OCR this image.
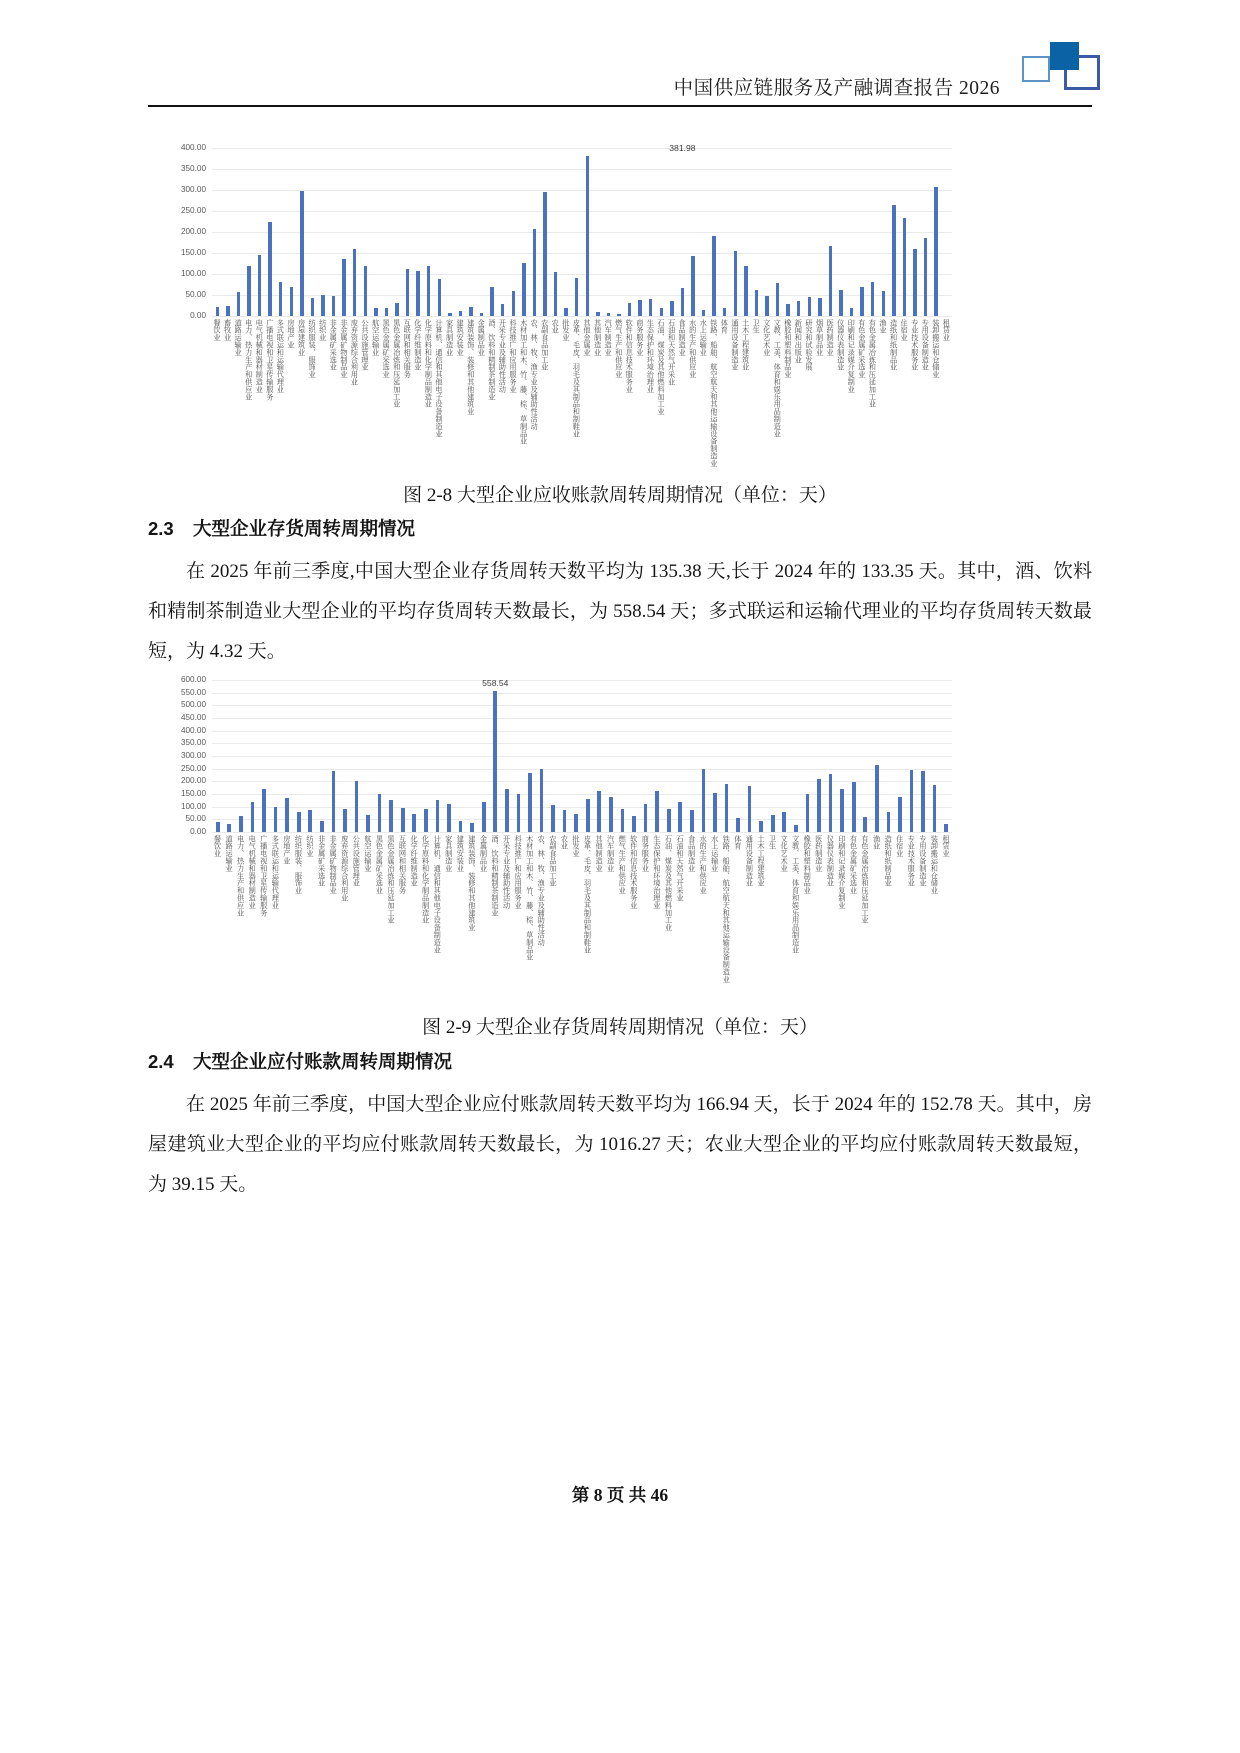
中国供应链服务及产融调查报告 2026
0.00
50.00
100.00
150.00
200.00
250.00
300.00
350.00
400.00	381.98
餐饮业 畜牧业 道路运输业 电力、热力生产和供应业 电气机械和器材制造业 广播电视和卫星传输服务 多式联运和运输代理业 房地产业 房屋建筑业 纺织服装、服饰业 纺织业 非金属矿采选业 非金属矿物制品业 废弃资源综合利用业 公共设施管理业 航空运输业 黑色金属矿采选业 黑色金属冶炼和压延加工业 互联网和相关服务 化学纤维制造业 化学原料和化学制品制造业 计算机、通信和其他电子设备制造业 家具制造业 建筑安装业 建筑装饰、装修和其他建筑业 金属制品业 酒、饮料和精制茶制造业 开采专业及辅助性活动 科技推广和应用服务业 木材加工和木、竹、藤、棕、草制品业 农、林、牧、渔专业及辅助性活动 农副食品加工业 农业 批发业 皮革、毛皮、羽毛及其制品和制鞋业 其他金属业 其他制造业 汽车制造业 燃气生产和供应业 软件和信息技术服务业 商务服务业 生态保护和环境治理业 石油、煤炭及其他燃料加工业 石油和天然气开采业 食品制造业 水的生产和供应业 水上运输业 铁路、船舶、航空航天和其他运输设备制造业 体育 通用设备制造业 土木工程建筑业 卫生 文化艺术业 文教、工美、体育和娱乐用品制造业 橡胶和塑料制品业 新闻和出版业 研究和试验发展 烟草制品业 医药制造业 仪器仪表制造业 印刷和记录媒介复制业 有色金属矿采选业 有色金属冶炼和压延加工业 渔业 造纸和纸制品业 住宿业 专业技术服务业 专用设备制造业 装卸搬运和仓储业 租赁业
图 2-8 大型企业应收账款周转周期情况（单位：天）
2.3 大型企业存货周转周期情况
在 2025 年前三季度,中国大型企业存货周转天数平均为 135.38 天,长于 2024 年的 133.35 天。其中，酒、饮料和精制茶制造业大型企业的平均存货周转天数最长，为 558.54 天；多式联运和运输代理业的平均存货周转天数最短，为 4.32 天。
0.00
50.00
100.00
150.00
200.00
250.00
300.00
350.00
400.00
450.00
500.00
550.00
600.00	558.54
餐饮业 道路运输业 电力、热力生产和供应业 电气机械和器材制造业 广播电视和卫星传输服务 多式联运和运输代理业 房地产业 纺织服装、服饰业 纺织业 非金属矿采选业 非金属矿物制品业 废弃资源综合利用业 公共设施管理业 航空运输业 黑色金属矿采选业 黑色金属冶炼和压延加工业 互联网和相关服务 化学纤维制造业 化学原料和化学制品制造业 计算机、通信和其他电子设备制造业 家具制造业 建筑安装业 建筑装饰、装修和其他建筑业 金属制品业 酒、饮料和精制茶制造业 开采专业及辅助性活动 科技推广和应用服务业 木材加工和木、竹、藤、棕、草制品业 农、林、牧、渔专业及辅助性活动 农副食品加工业 农业 批发业 皮革、毛皮、羽毛及其制品和制鞋业 其他制造业 汽车制造业 燃气生产和供应业 软件和信息技术服务业 商务服务业 生态保护和环境治理业 石油、煤炭及其他燃料加工业 石油和天然气开采业 食品制造业 水的生产和供应业 水上运输业 铁路、船舶、航空航天和其他运输设备制造业 体育 通用设备制造业 土木工程建筑业 卫生 文化艺术业 文教、工美、体育和娱乐用品制造业 橡胶和塑料制品业 医药制造业 仪器仪表制造业 印刷和记录媒介复制业 有色金属矿采选业 有色金属冶炼和压延加工业 渔业 造纸和纸制品业 住宿业 专业技术服务业 专用设备制造业 装卸搬运和仓储业 租赁业
图 2-9 大型企业存货周转周期情况（单位：天）
2.4 大型企业应付账款周转周期情况
在 2025 年前三季度，中国大型企业应付账款周转天数平均为 166.94 天，长于 2024 年的 152.78 天。其中，房屋建筑业大型企业的平均应付账款周转天数最长，为 1016.27 天；农业大型企业的平均应付账款周转天数最短，为 39.15 天。
第 8 页 共 46
